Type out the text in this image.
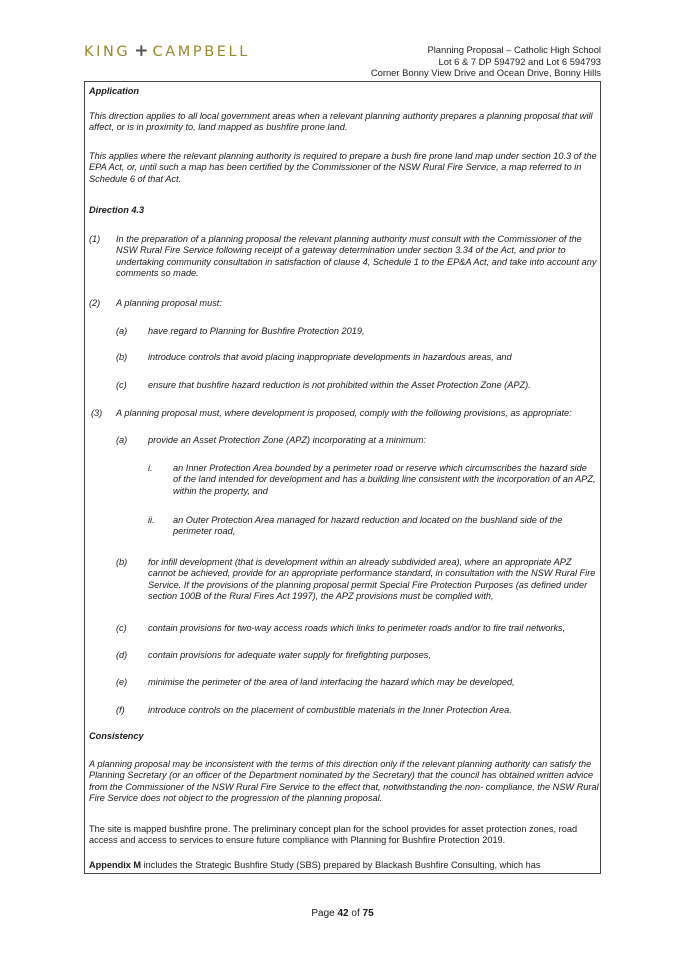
KING + CAMPBELL	Planning Proposal – Catholic High School
Lot 6 & 7 DP 594792 and Lot 6 594793
Corner Bonny View Drive and Ocean Drive, Bonny Hills

Application

This direction applies to all local government areas when a relevant planning authority prepares a planning proposal that will affect, or is in proximity to, land mapped as bushfire prone land.

This applies where the relevant planning authority is required to prepare a bush fire prone land map under section 10.3 of the EPA Act, or, until such a map has been certified by the Commissioner of the NSW Rural Fire Service, a map referred to in Schedule 6 of that Act.

Direction 4.3

(1) In the preparation of a planning proposal the relevant planning authority must consult with the Commissioner of the NSW Rural Fire Service following receipt of a gateway determination under section 3.34 of the Act, and prior to undertaking community consultation in satisfaction of clause 4, Schedule 1 to the EP&A Act, and take into account any comments so made.

(2) A planning proposal must:

(a) have regard to Planning for Bushfire Protection 2019,

(b) introduce controls that avoid placing inappropriate developments in hazardous areas, and

(c) ensure that bushfire hazard reduction is not prohibited within the Asset Protection Zone (APZ).

(3) A planning proposal must, where development is proposed, comply with the following provisions, as appropriate:

(a) provide an Asset Protection Zone (APZ) incorporating at a minimum:

i. an Inner Protection Area bounded by a perimeter road or reserve which circumscribes the hazard side of the land intended for development and has a building line consistent with the incorporation of an APZ, within the property, and

ii. an Outer Protection Area managed for hazard reduction and located on the bushland side of the perimeter road,

(b) for infill development (that is development within an already subdivided area), where an appropriate APZ cannot be achieved, provide for an appropriate performance standard, in consultation with the NSW Rural Fire Service. If the provisions of the planning proposal permit Special Fire Protection Purposes (as defined under section 100B of the Rural Fires Act 1997), the APZ provisions must be complied with,

(c) contain provisions for two-way access roads which links to perimeter roads and/or to fire trail networks,

(d) contain provisions for adequate water supply for firefighting purposes,

(e) minimise the perimeter of the area of land interfacing the hazard which may be developed,

(f)	introduce controls on the placement of combustible materials in the Inner Protection Area.

Consistency

A planning proposal may be inconsistent with the terms of this direction only if the relevant planning authority can satisfy the Planning Secretary (or an officer of the Department nominated by the Secretary) that the council has obtained written advice from the Commissioner of the NSW Rural Fire Service to the effect that, notwithstanding the non- compliance, the NSW Rural Fire Service does not object to the progression of the planning proposal.

The site is mapped bushfire prone. The preliminary concept plan for the school provides for asset protection zones, road access and access to services to ensure future compliance with Planning for Bushfire Protection 2019.

Appendix M includes the Strategic Bushfire Study (SBS) prepared by Blackash Bushfire Consulting, which has

Page 42 of 75
